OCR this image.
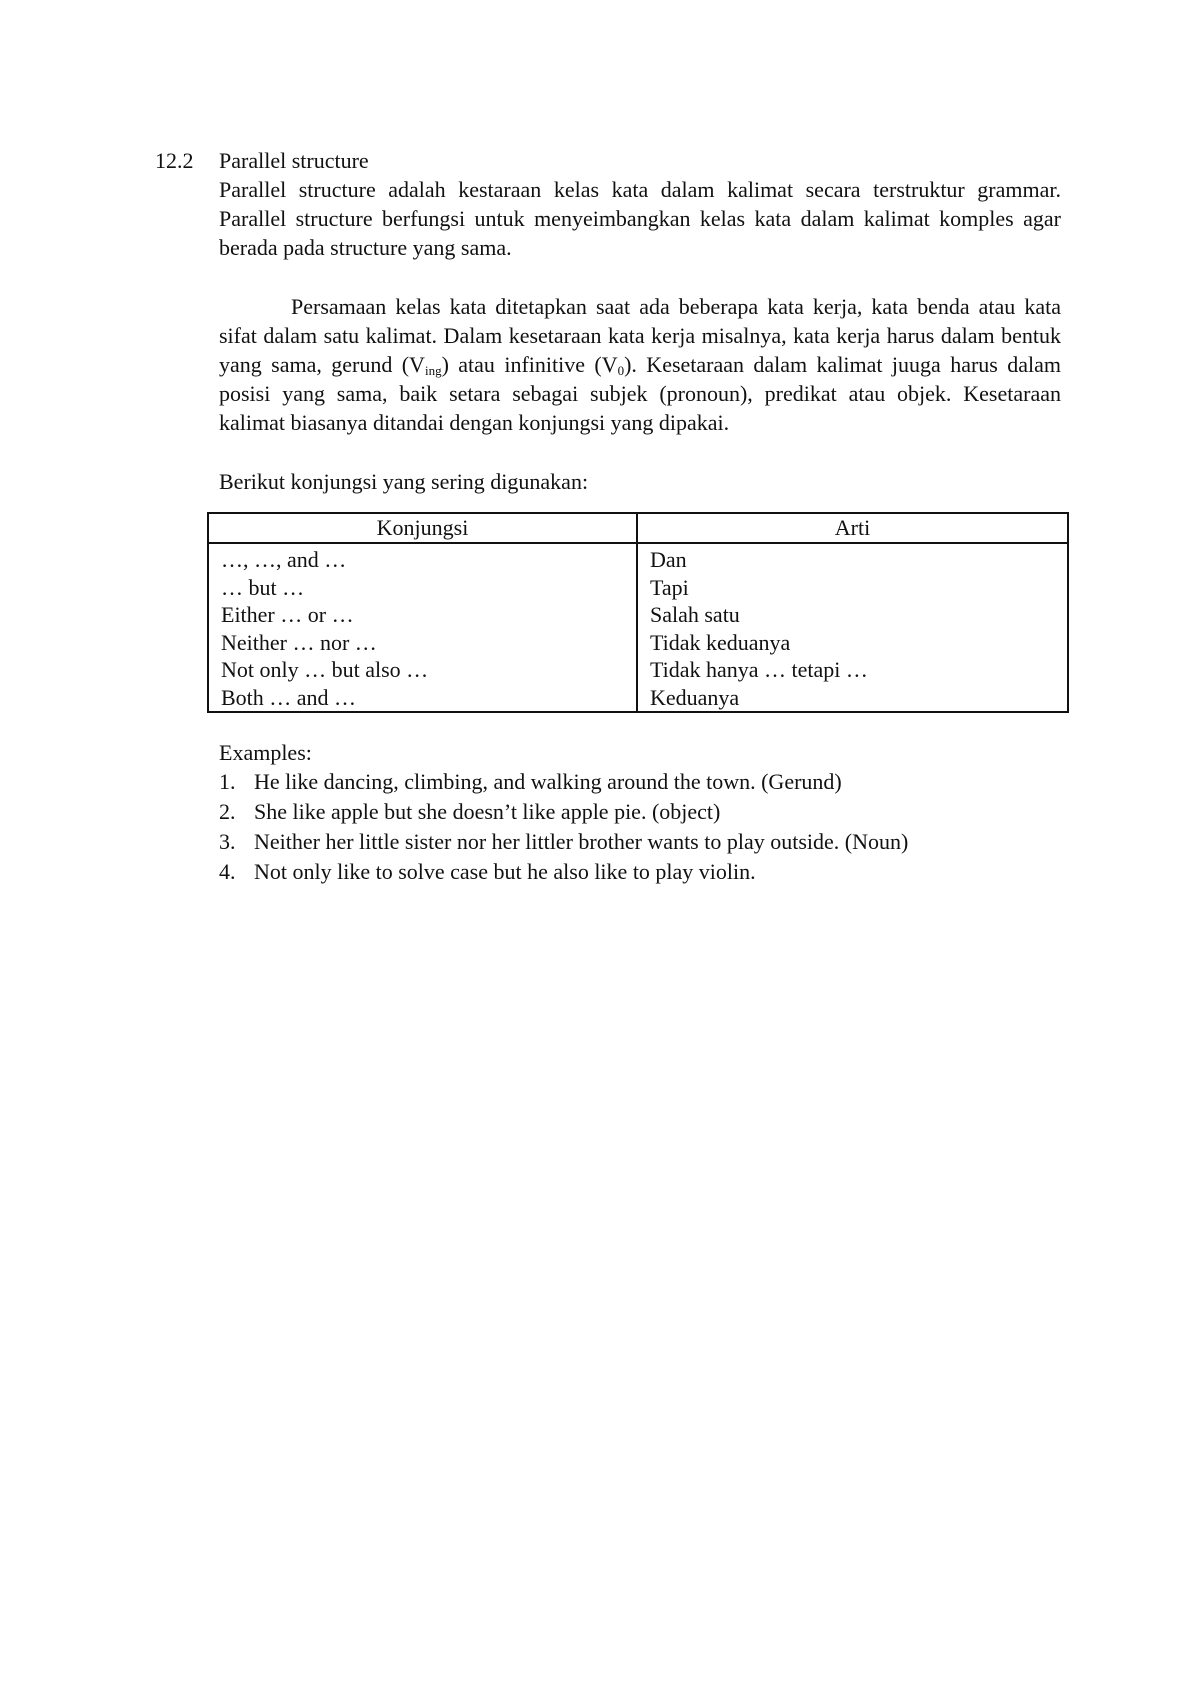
12.2 Parallel structure
Parallel structure adalah kestaraan kelas kata dalam kalimat secara terstruktur grammar. Parallel structure berfungsi untuk menyeimbangkan kelas kata dalam kalimat komples agar berada pada structure yang sama.
Persamaan kelas kata ditetapkan saat ada beberapa kata kerja, kata benda atau kata sifat dalam satu kalimat. Dalam kesetaraan kata kerja misalnya, kata kerja harus dalam bentuk yang sama, gerund $(V_{ing})$ atau infinitive $(V_0)$. Kesetaraan dalam kalimat juuga harus dalam posisi yang sama, baik setara sebagai subjek (pronoun), predikat atau objek. Kesetaraan kalimat biasanya ditandai dengan konjungsi yang dipakai.
Berikut konjungsi yang sering digunakan:
Konjungsi	Arti
…, …, and …	Dan
… but …	Tapi
Either … or …	Salah satu
Neither … nor …	Tidak keduanya
Not only … but also …	Tidak hanya … tetapi …
Both … and …	Keduanya
Examples:
1. He like dancing, climbing, and walking around the town. (Gerund)
2. She like apple but she doesn’t like apple pie. (object)
3. Neither her little sister nor her littler brother wants to play outside. (Noun)
4. Not only like to solve case but he also like to play violin.
